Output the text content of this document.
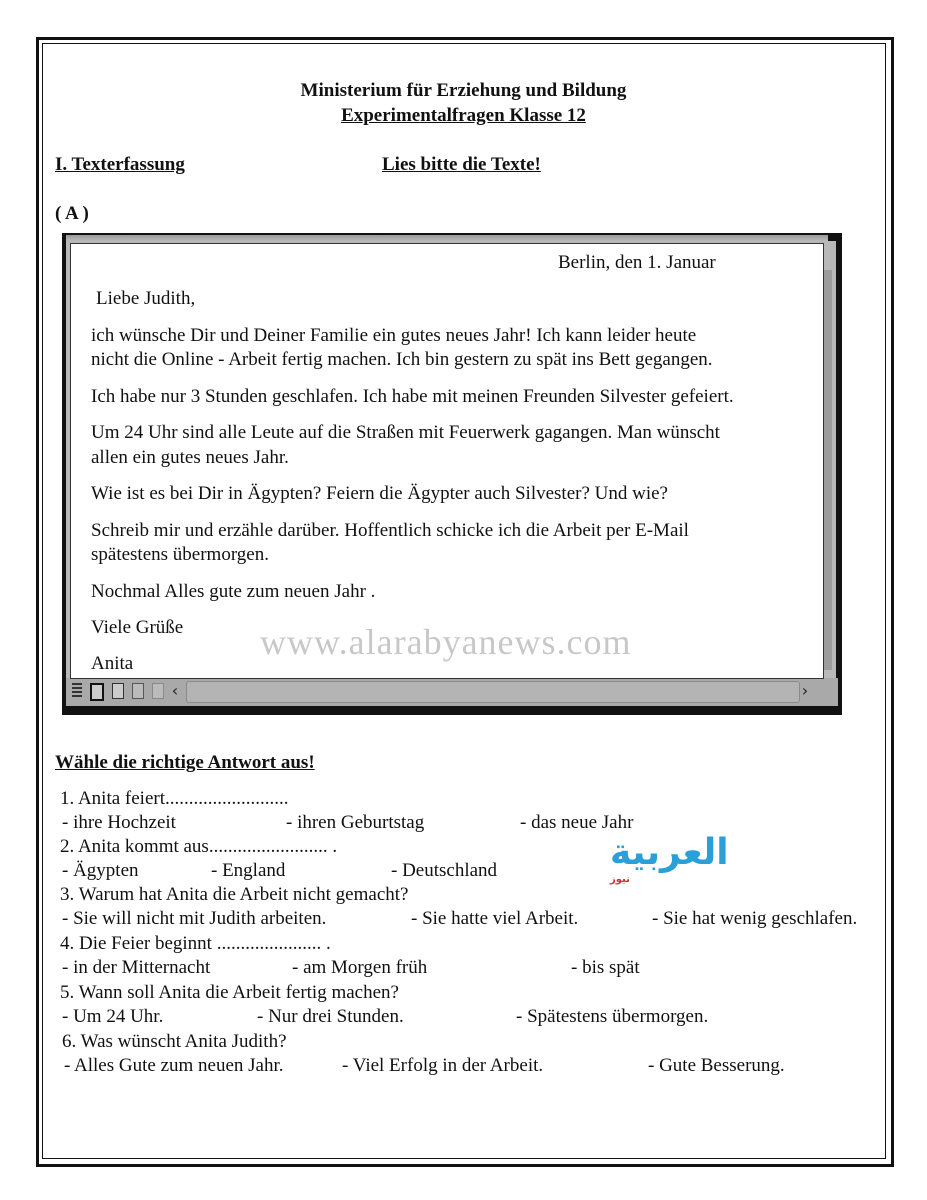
Ministerium für Erziehung und Bildung
Experimentalfragen Klasse 12
I. Texterfassung	Lies bitte die Texte!
( A )
‹	›

Berlin, den 1. Januar

Liebe Judith,

ich wünsche Dir und Deiner Familie ein gutes neues Jahr! Ich kann leider heute

nicht die Online - Arbeit fertig machen. Ich bin gestern zu spät ins Bett gegangen.

Ich habe nur 3 Stunden geschlafen. Ich habe mit meinen Freunden Silvester gefeiert.

Um 24 Uhr sind alle Leute auf die Straßen mit Feuerwerk gagangen. Man wünscht

allen ein gutes neues Jahr.

Wie ist es bei Dir in Ägypten? Feiern die Ägypter auch Silvester? Und wie?

Schreib mir und erzähle darüber. Hoffentlich schicke ich die Arbeit per E-Mail

spätestens übermorgen.

Nochmal Alles gute zum neuen Jahr .

Viele Grüße

Anita

www.alarabyanews.com
Wähle die richtige Antwort aus!
1. Anita feiert..........................
- ihre Hochzeit	- ihren Geburtstag	- das neue Jahr
2. Anita kommt aus......................... .
- Ägypten	- England	- Deutschland
3. Warum hat Anita die Arbeit nicht gemacht?
- Sie will nicht mit Judith arbeiten.	- Sie hatte viel Arbeit.	- Sie hat wenig geschlafen.
4. Die Feier beginnt ...................... .
- in der Mitternacht	- am Morgen früh	- bis spät
5. Wann soll Anita die Arbeit fertig machen?
- Um 24 Uhr.	- Nur drei Stunden.	- Spätestens übermorgen.
6. Was wünscht Anita Judith?
- Alles Gute zum neuen Jahr.	- Viel Erfolg in der Arbeit.	- Gute Besserung.
العربية
نيوز
